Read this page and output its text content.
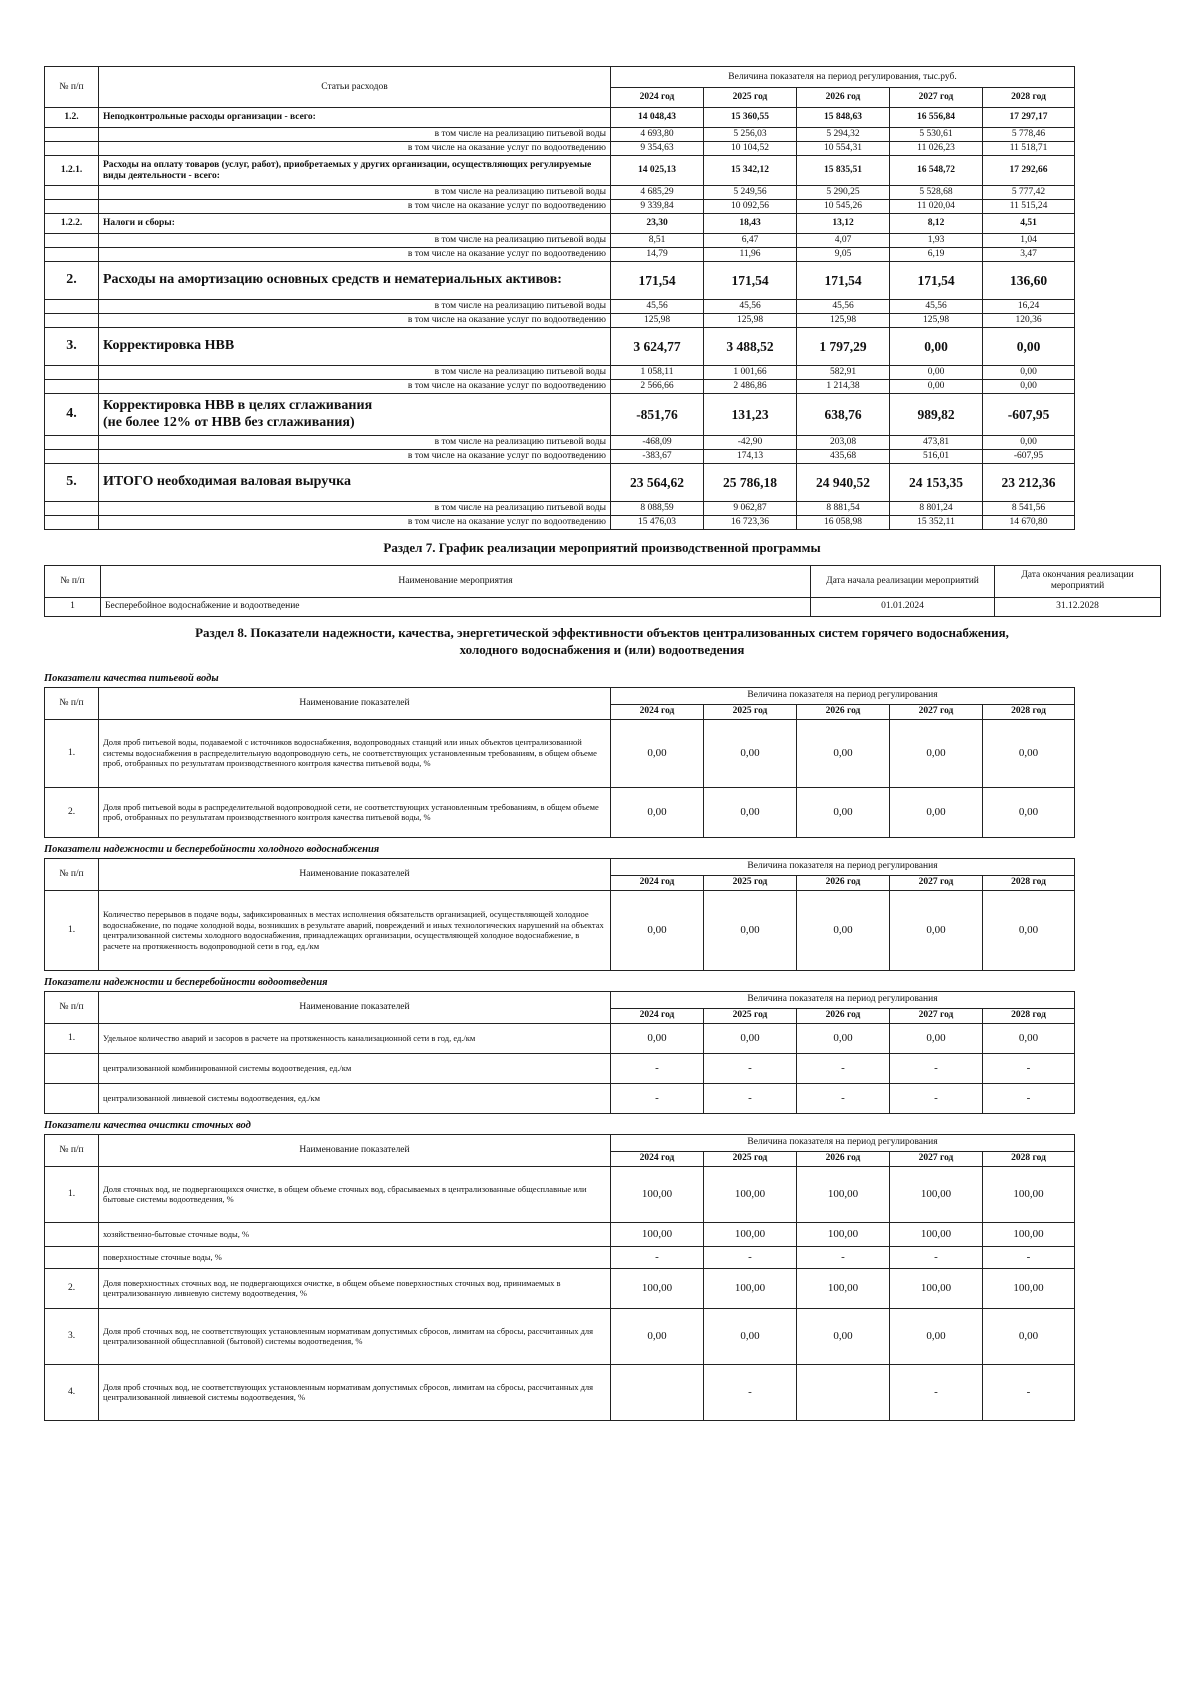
№ п/п	Статьи расходов	Величина показателя на период регулирования, тыс.руб.				
		2024 год	2025 год	2026 год	2027 год	2028 год
1.2.	Неподконтрольные расходы организации - всего:	14 048,43	15 360,55	15 848,63	16 556,84	17 297,17
	в том числе на реализацию питьевой воды	4 693,80	5 256,03	5 294,32	5 530,61	5 778,46
	в том числе на оказание услуг по водоотведению	9 354,63	10 104,52	10 554,31	11 026,23	11 518,71
1.2.1.	Расходы на оплату товаров (услуг, работ), приобретаемых у других организации, осуществляющих регулируемые виды деятельности - всего:	14 025,13	15 342,12	15 835,51	16 548,72	17 292,66
	в том числе на реализацию питьевой воды	4 685,29	5 249,56	5 290,25	5 528,68	5 777,42
	в том числе на оказание услуг по водоотведению	9 339,84	10 092,56	10 545,26	11 020,04	11 515,24
1.2.2.	Налоги и сборы:	23,30	18,43	13,12	8,12	4,51
	в том числе на реализацию питьевой воды	8,51	6,47	4,07	1,93	1,04
	в том числе на оказание услуг по водоотведению	14,79	11,96	9,05	6,19	3,47
2.	Расходы на амортизацию основных средств и нематериальных активов:	171,54	171,54	171,54	171,54	136,60
	в том числе на реализацию питьевой воды	45,56	45,56	45,56	45,56	16,24
	в том числе на оказание услуг по водоотведению	125,98	125,98	125,98	125,98	120,36
3.	Корректировка НВВ	3 624,77	3 488,52	1 797,29	0,00	0,00
	в том числе на реализацию питьевой воды	1 058,11	1 001,66	582,91	0,00	0,00
	в том числе на оказание услуг по водоотведению	2 566,66	2 486,86	1 214,38	0,00	0,00
4.	Корректировка НВВ в целях сглаживания
(не более 12% от НВВ без сглаживания)	-851,76	131,23	638,76	989,82	-607,95
	в том числе на реализацию питьевой воды	-468,09	-42,90	203,08	473,81	0,00
	в том числе на оказание услуг по водоотведению	-383,67	174,13	435,68	516,01	-607,95
5.	ИТОГО необходимая валовая выручка	23 564,62	25 786,18	24 940,52	24 153,35	23 212,36
	в том числе на реализацию питьевой воды	8 088,59	9 062,87	8 881,54	8 801,24	8 541,56
	в том числе на оказание услуг по водоотведению	15 476,03	16 723,36	16 058,98	15 352,11	14 670,80
Раздел 7. График реализации мероприятий производственной программы
№ п/п	Наименование мероприятия	Дата начала реализации мероприятий	Дата окончания реализации мероприятий
1	Бесперебойное водоснабжение и водоотведение	01.01.2024	31.12.2028
Раздел 8. Показатели надежности, качества, энергетической эффективности объектов централизованных систем горячего водоснабжения,
холодного водоснабжения и (или) водоотведения
Показатели качества питьевой воды
№ п/п	Наименование показателей	Величина показателя на период регулирования				
		2024 год	2025 год	2026 год	2027 год	2028 год
1.	Доля проб питьевой воды, подаваемой с источников водоснабжения, водопроводных станций или иных объектов централизованной системы водоснабжения в распределительную водопроводную сеть, не соответствующих установленным требованиям, в общем объеме проб, отобранных по результатам производственного контроля качества питьевой воды, %	0,00	0,00	0,00	0,00	0,00
2.	Доля проб питьевой воды в распределительной водопроводной сети, не соответствующих установленным требованиям, в общем объеме проб, отобранных по результатам производственного контроля качества питьевой воды, %	0,00	0,00	0,00	0,00	0,00
Показатели надежности и бесперебойности холодного водоснабжения
№ п/п	Наименование показателей	Величина показателя на период регулирования				
		2024 год	2025 год	2026 год	2027 год	2028 год
1.	Количество перерывов в подаче воды, зафиксированных в местах исполнения обязательств организацией, осуществляющей холодное водоснабжение, по подаче холодной воды, возникших в результате аварий, повреждений и иных технологических нарушений на объектах централизованной системы холодного водоснабжения, принадлежащих организации, осуществляющей холодное водоснабжение, в расчете на протяженность водопроводной сети в год, ед./км	0,00	0,00	0,00	0,00	0,00
Показатели надежности и бесперебойности водоотведения
№ п/п	Наименование показателей	Величина показателя на период регулирования				
		2024 год	2025 год	2026 год	2027 год	2028 год
1.	Удельное количество аварий и засоров в расчете на протяженность канализационной сети в год, ед./км	0,00	0,00	0,00	0,00	0,00
	централизованной комбинированной системы водоотведения, ед./км	-	-	-	-	-
	централизованной ливневой системы водоотведения, ед./км	-	-	-	-	-
Показатели качества очистки сточных вод
№ п/п	Наименование показателей	Величина показателя на период регулирования				
		2024 год	2025 год	2026 год	2027 год	2028 год
1.	Доля сточных вод, не подвергающихся очистке, в общем объеме сточных вод, сбрасываемых в централизованные общесплавные или бытовые системы водоотведения, %	100,00	100,00	100,00	100,00	100,00
	хозяйственно-бытовые сточные воды, %	100,00	100,00	100,00	100,00	100,00
	поверхностные сточные воды, %	-	-	-	-	-
2.	Доля поверхностных сточных вод, не подвергающихся очистке, в общем объеме поверхностных сточных вод, принимаемых в централизованную ливневую систему водоотведения, %	100,00	100,00	100,00	100,00	100,00
3.	Доля проб сточных вод, не соответствующих установленным нормативам допустимых сбросов, лимитам на сбросы, рассчитанных для централизованной общесплавной (бытовой) системы водоотведения, %	0,00	0,00	0,00	0,00	0,00
4.	Доля проб сточных вод, не соответствующих установленным нормативам допустимых сбросов, лимитам на сбросы, рассчитанных для централизованной ливневой системы водоотведения, %		-		-	-
